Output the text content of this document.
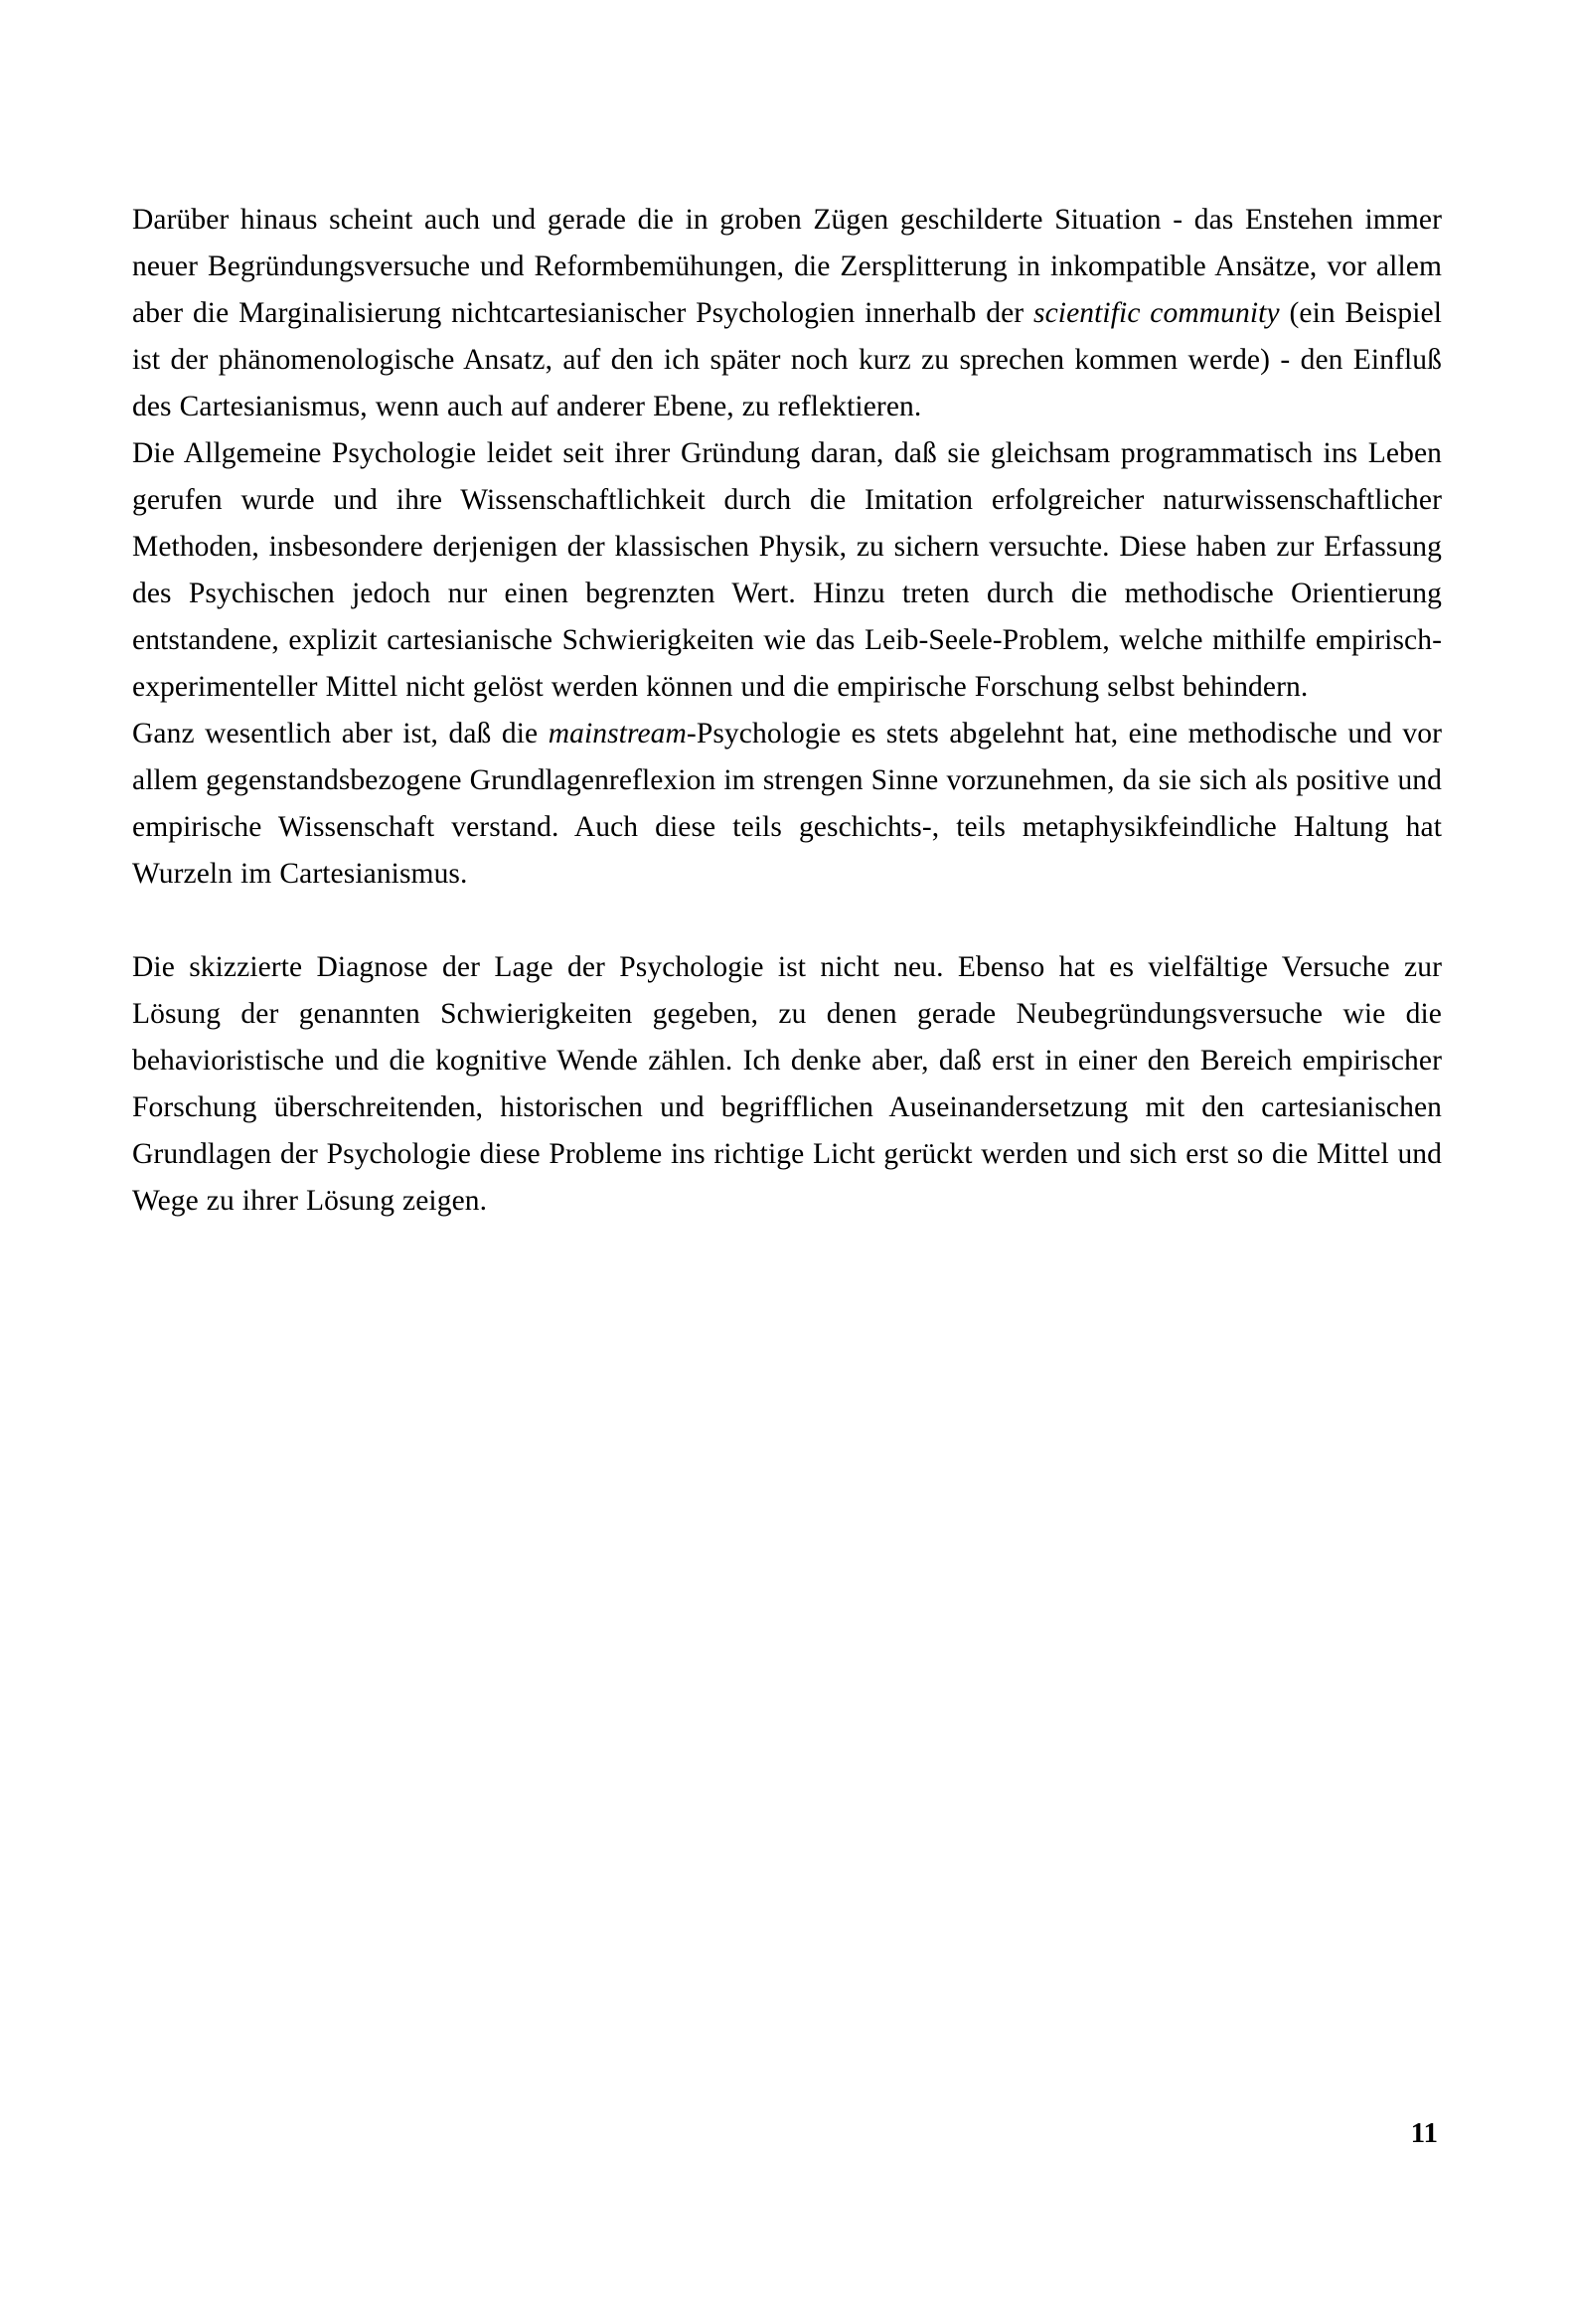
Darüber hinaus scheint auch und gerade die in groben Zügen geschilderte Situation - das Enstehen immer neuer Begründungsversuche und Reformbemühungen, die Zersplitterung in inkompatible Ansätze, vor allem aber die Marginalisierung nichtcartesianischer Psychologien innerhalb der scientific community (ein Beispiel ist der phänomenologische Ansatz, auf den ich später noch kurz zu sprechen kommen werde) - den Einfluß des Cartesianismus, wenn auch auf anderer Ebene, zu reflektieren.

Die Allgemeine Psychologie leidet seit ihrer Gründung daran, daß sie gleichsam programmatisch ins Leben gerufen wurde und ihre Wissenschaftlichkeit durch die Imitation erfolgreicher naturwissenschaftlicher Methoden, insbesondere derjenigen der klassischen Physik, zu sichern versuchte. Diese haben zur Erfassung des Psychischen jedoch nur einen begrenzten Wert. Hinzu treten durch die methodische Orientierung entstandene, explizit cartesianische Schwierigkeiten wie das Leib-Seele-Problem, welche mithilfe empirisch-experimenteller Mittel nicht gelöst werden können und die empirische Forschung selbst behindern.

Ganz wesentlich aber ist, daß die mainstream-Psychologie es stets abgelehnt hat, eine methodische und vor allem gegenstandsbezogene Grundlagenreflexion im strengen Sinne vorzunehmen, da sie sich als positive und empirische Wissenschaft verstand. Auch diese teils geschichts-, teils metaphysikfeindliche Haltung hat Wurzeln im Cartesianismus.

Die skizzierte Diagnose der Lage der Psychologie ist nicht neu. Ebenso hat es vielfältige Versuche zur Lösung der genannten Schwierigkeiten gegeben, zu denen gerade Neubegründungsversuche wie die behavioristische und die kognitive Wende zählen. Ich denke aber, daß erst in einer den Bereich empirischer Forschung überschreitenden, historischen und begrifflichen Auseinandersetzung mit den cartesianischen Grundlagen der Psychologie diese Probleme ins richtige Licht gerückt werden und sich erst so die Mittel und Wege zu ihrer Lösung zeigen.

11
